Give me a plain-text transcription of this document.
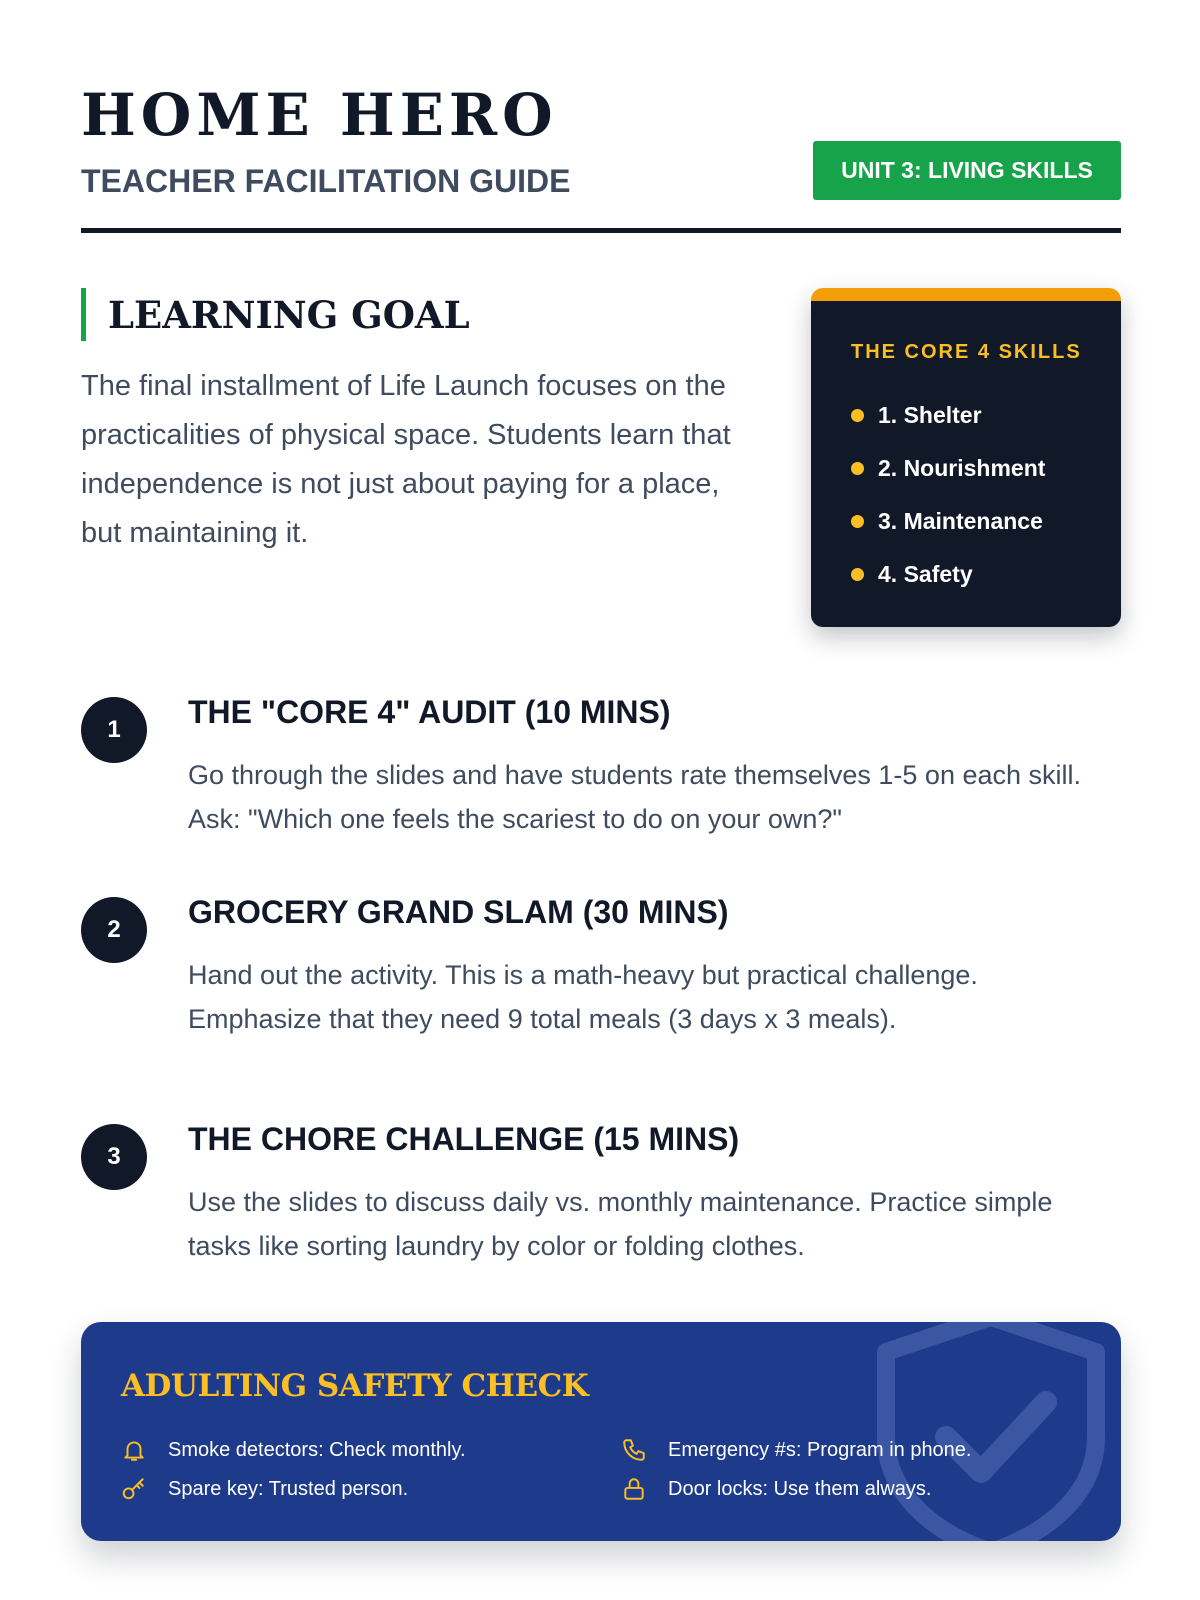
HOME HERO
TEACHER FACILITATION GUIDE	UNIT 3: LIVING SKILLS
LEARNING GOAL

The final installment of Life Launch focuses on the practicalities of physical space. Students learn that independence is not just about paying for a place, but maintaining it.

THE CORE 4 SKILLS

1. Shelter
2. Nourishment
3. Maintenance
4. Safety
1	THE "CORE 4" AUDIT (10 MINS)

Go through the slides and have students rate themselves 1-5 on each skill. Ask: "Which one feels the scariest to do on your own?"

2	GROCERY GRAND SLAM (30 MINS)

Hand out the activity. This is a math-heavy but practical challenge. Emphasize that they need 9 total meals (3 days x 3 meals).

3	THE CHORE CHALLENGE (15 MINS)

Use the slides to discuss daily vs. monthly maintenance. Practice simple tasks like sorting laundry by color or folding clothes.

ADULTING SAFETY CHECK
Smoke detectors: Check monthly.	Emergency #s: Program in phone.
Spare key: Trusted person.	Door locks: Use them always.
